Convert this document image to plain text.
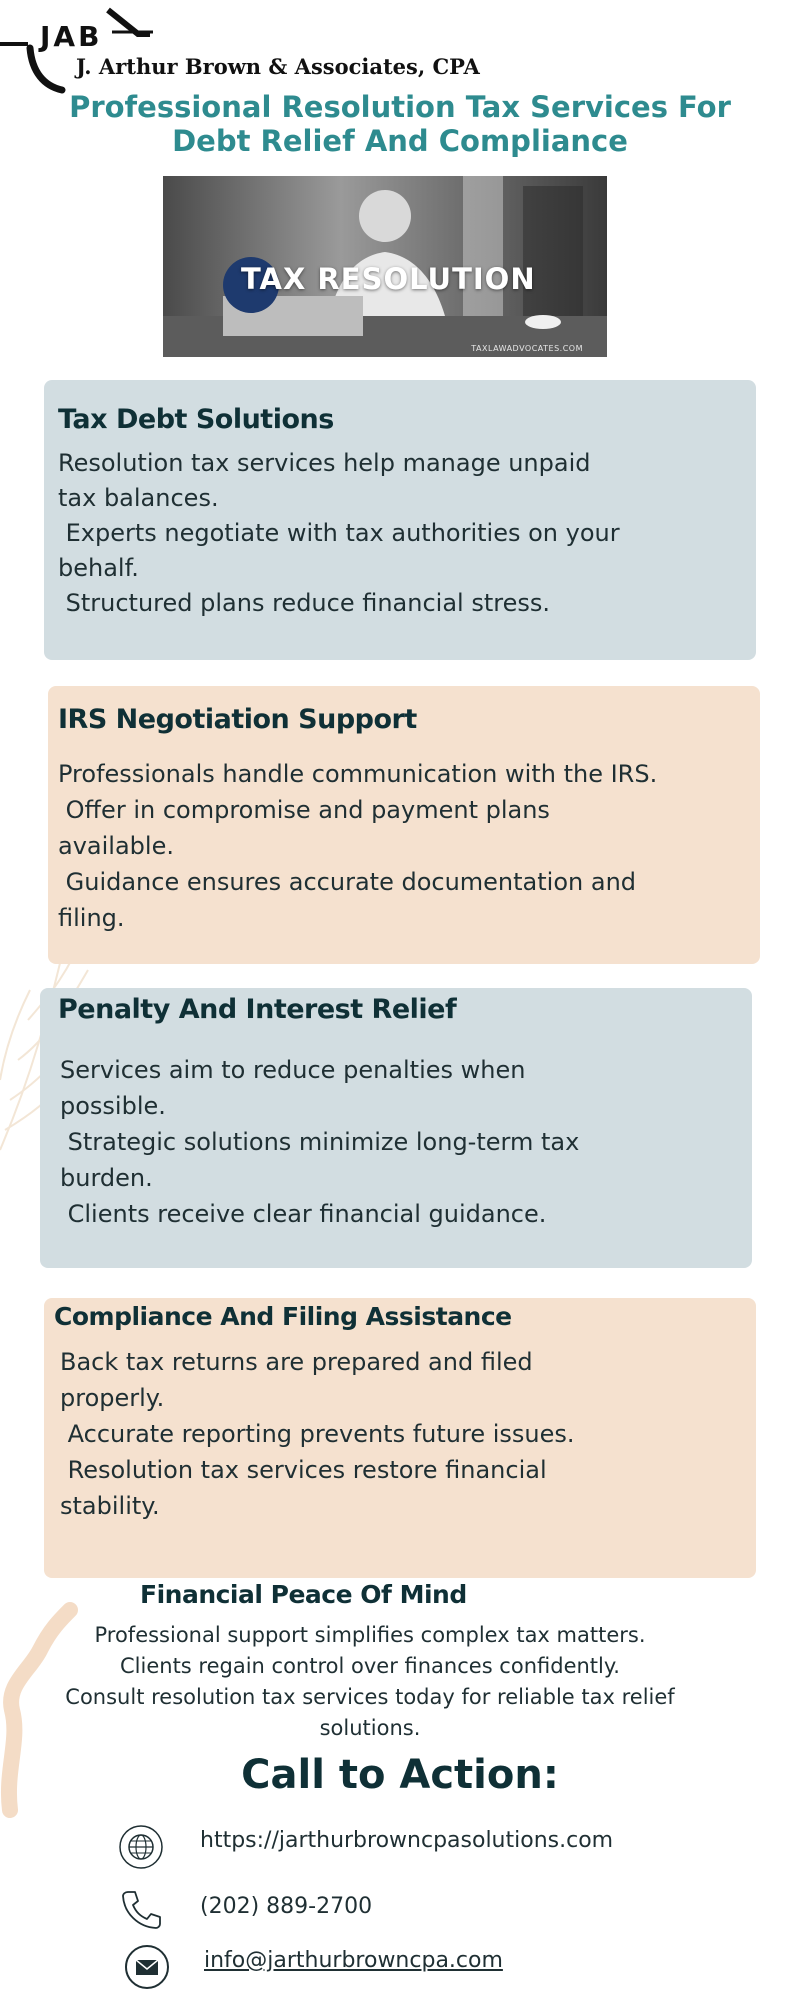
JAB
J. Arthur Brown & Associates, CPA
Professional Resolution Tax Services For
Debt Relief And Compliance
TAX RESOLUTION
TAXLAWADVOCATES.COM
Tax Debt Solutions
Resolution tax services help manage unpaid
tax balances.
Experts negotiate with tax authorities on your
behalf.
Structured plans reduce financial stress.
IRS Negotiation Support
Professionals handle communication with the IRS.
Offer in compromise and payment plans
available.
Guidance ensures accurate documentation and
filing.
Penalty And Interest Relief
Services aim to reduce penalties when
possible.
Strategic solutions minimize long-term tax
burden.
Clients receive clear financial guidance.
Compliance And Filing Assistance
Back tax returns are prepared and filed
properly.
Accurate reporting prevents future issues.
Resolution tax services restore financial
stability.
Financial Peace Of Mind
Professional support simplifies complex tax matters.
Clients regain control over finances confidently.
Consult resolution tax services today for reliable tax relief
solutions.
Call to Action:
https://jarthurbrowncpasolutions.com
(202) 889-2700
info@jarthurbrowncpa.com
